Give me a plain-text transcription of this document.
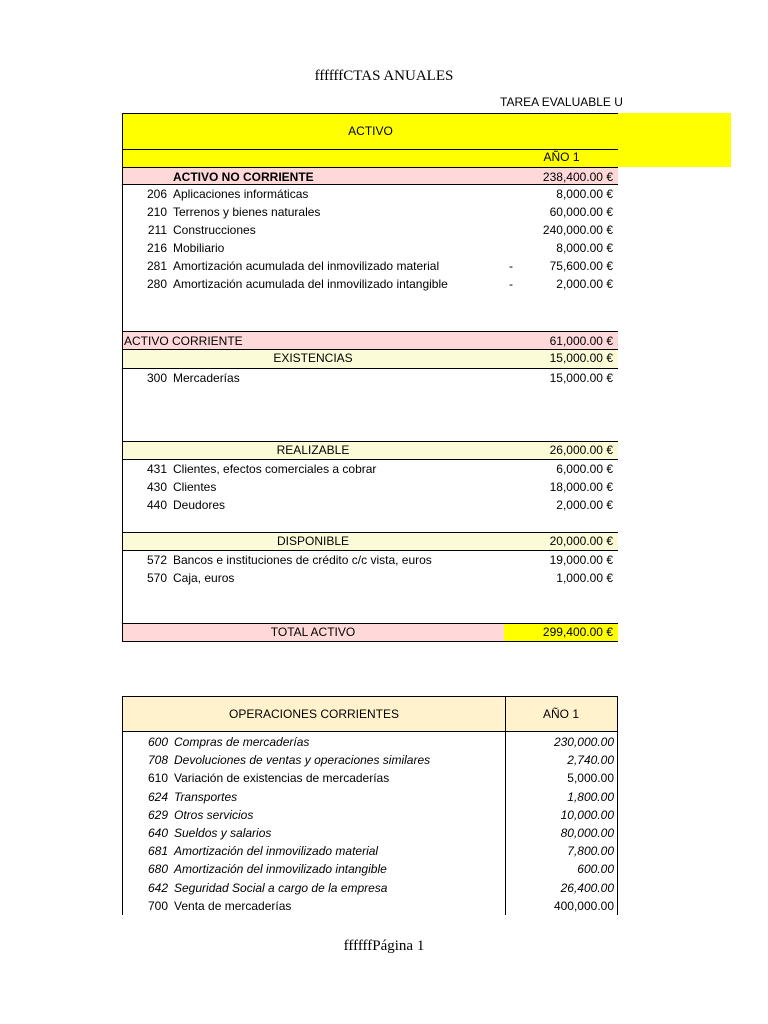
ffffffCTAS ANUALES
TAREA EVALUABLE U
ACTIVO
AÑO 1
ACTIVO NO CORRIENTE	238,400.00 €
206 Aplicaciones informáticas	8,000.00 €
210 Terrenos y bienes naturales	60,000.00 €
211 Construcciones	240,000.00 €
216 Mobiliario	8,000.00 €
281 Amortización acumulada del inmovilizado material	-	75,600.00 €
280 Amortización acumulada del inmovilizado intangible	-	2,000.00 €
ACTIVO CORRIENTE	61,000.00 €
EXISTENCIAS	15,000.00 €
300 Mercaderías	15,000.00 €
REALIZABLE	26,000.00 €
431 Clientes, efectos comerciales a cobrar	6,000.00 €
430 Clientes	18,000.00 €
440 Deudores	2,000.00 €
DISPONIBLE	20,000.00 €
572 Bancos e instituciones de crédito c/c vista, euros	19,000.00 €
570 Caja, euros	1,000.00 €
TOTAL ACTIVO	299,400.00 €
OPERACIONES CORRIENTES	AÑO 1
600 Compras de mercaderías	230,000.00
708 Devoluciones de ventas y operaciones similares	2,740.00
610 Variación de existencias de mercaderías	5,000.00
624 Transportes	1,800.00
629 Otros servicios	10,000.00
640 Sueldos y salarios	80,000.00
681 Amortización del inmovilizado material	7,800.00
680 Amortización del inmovilizado intangible	600.00
642 Seguridad Social a cargo de la empresa	26,400.00
700 Venta de mercaderías	400,000.00
ffffffPágina 1
